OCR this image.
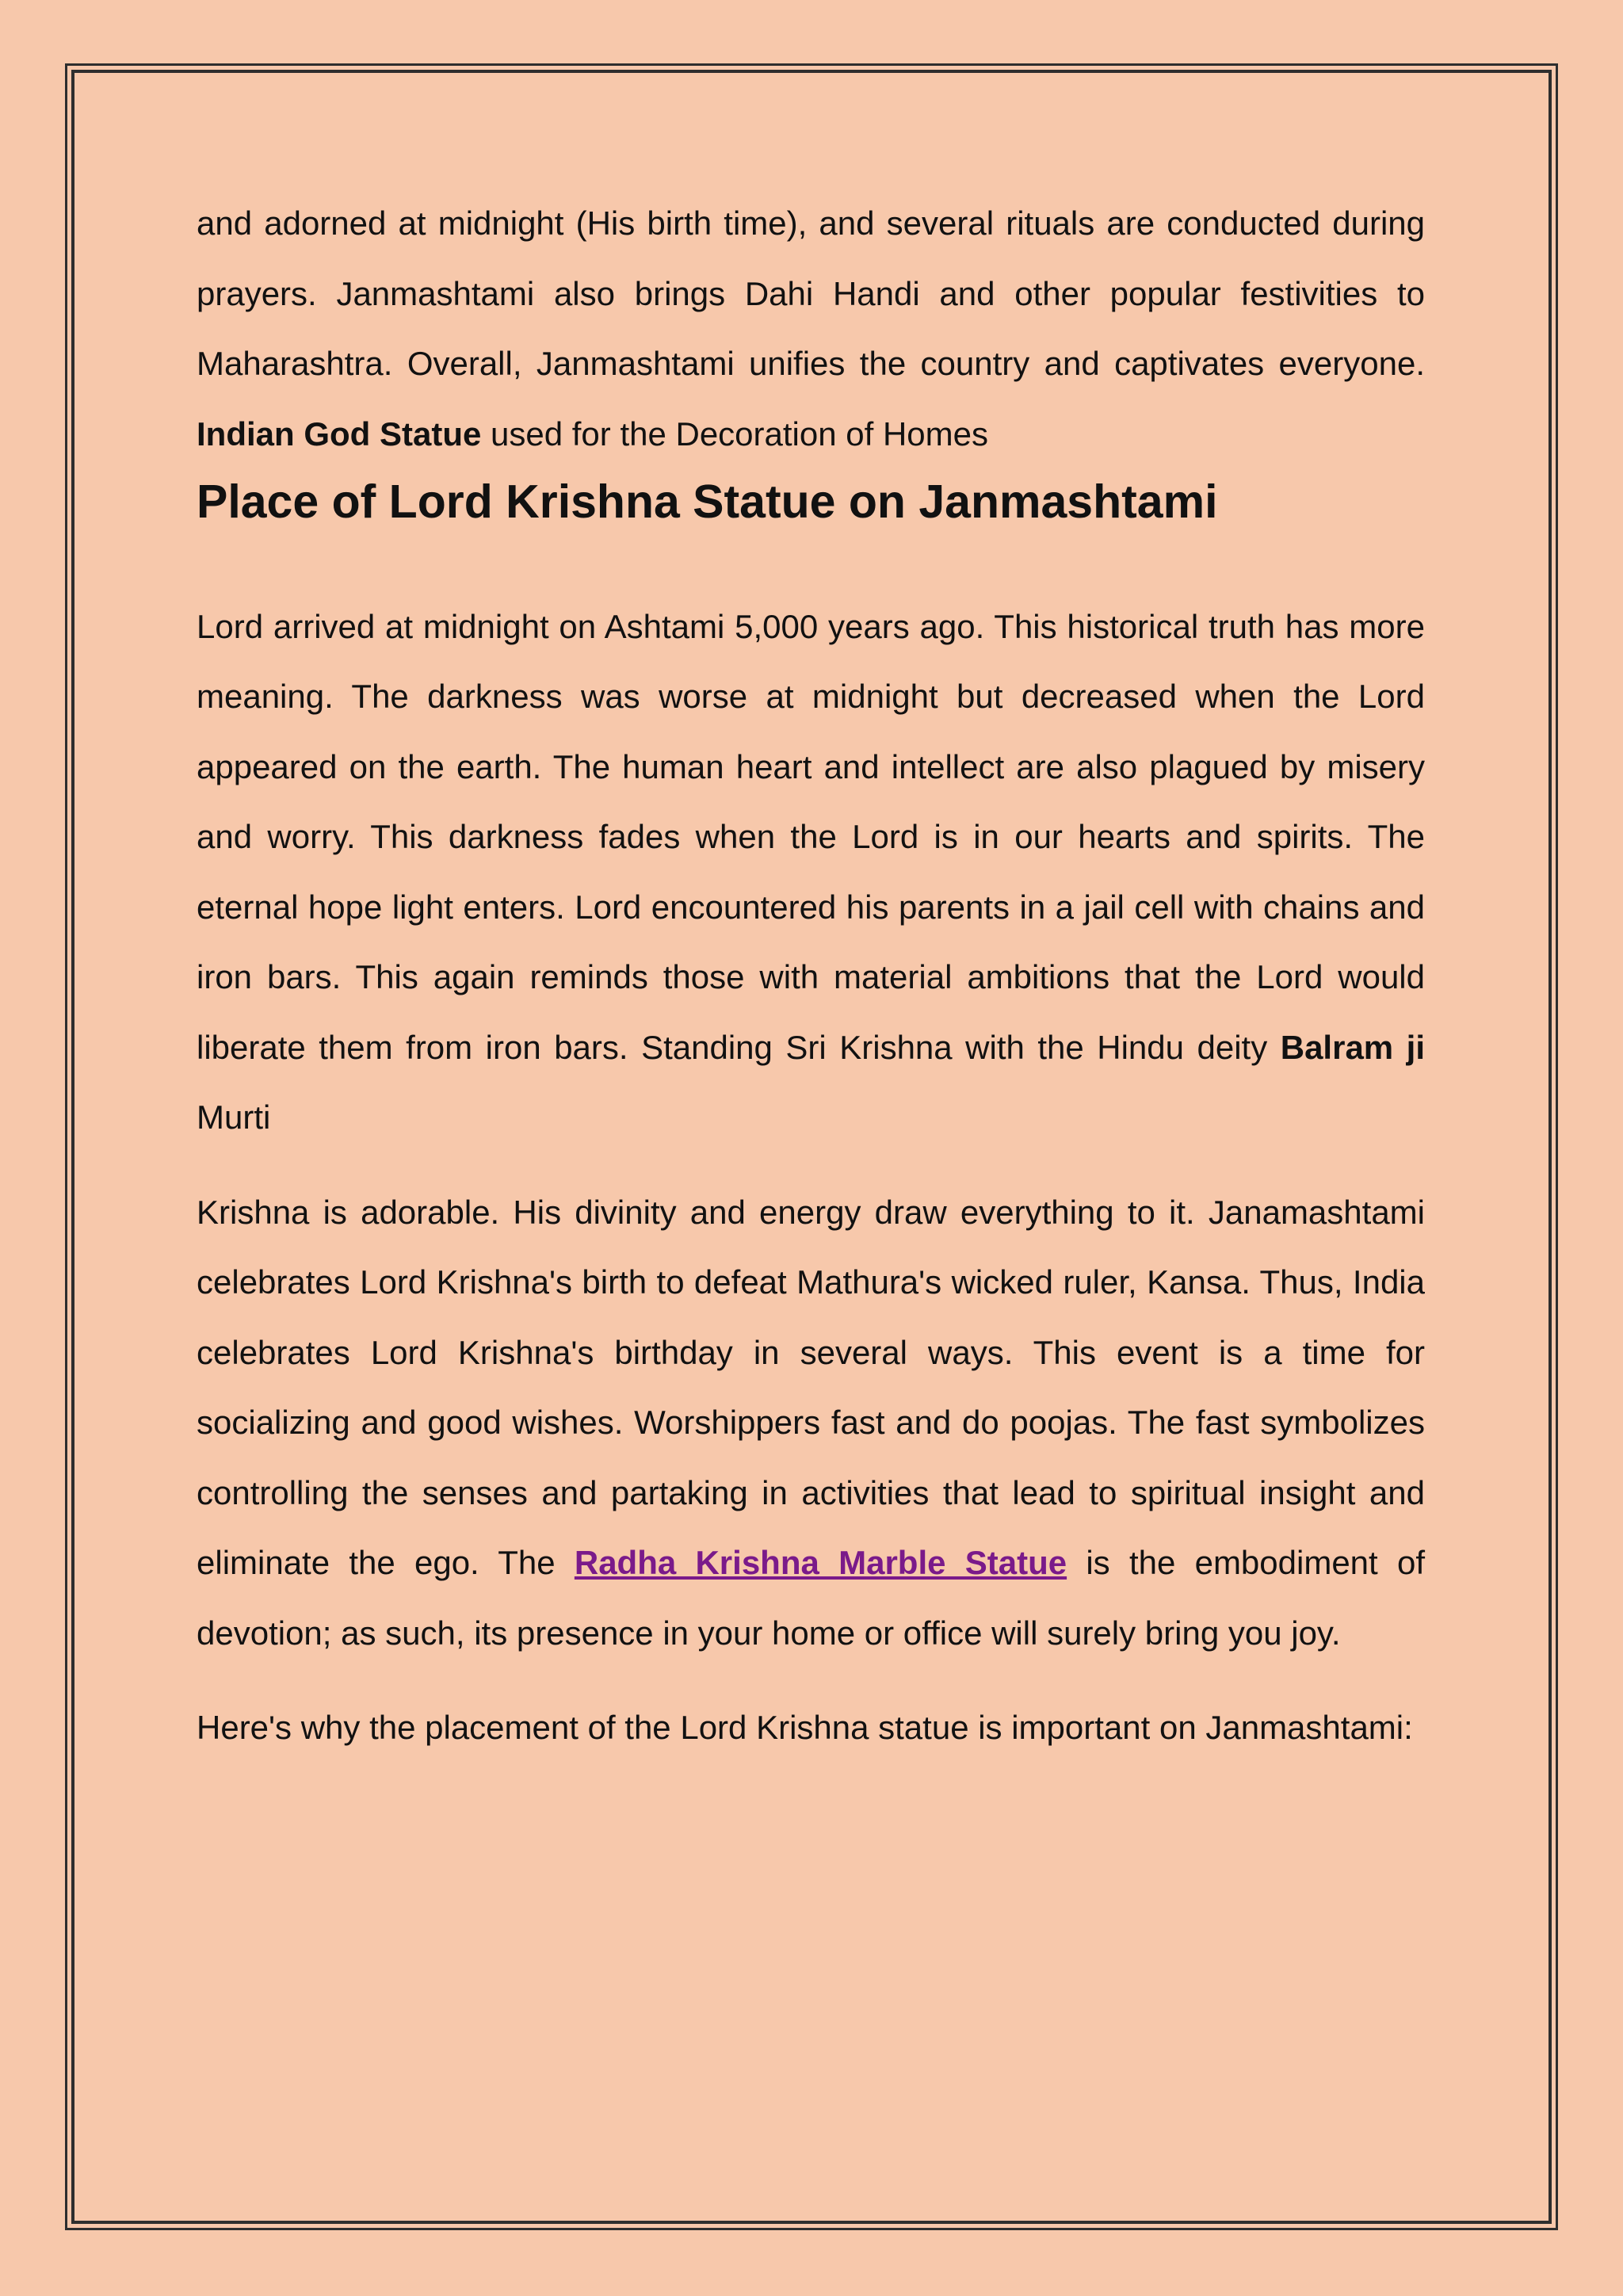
and adorned at midnight (His birth time), and several rituals are conducted during prayers. Janmashtami also brings Dahi Handi and other popular festivities to Maharashtra. Overall, Janmashtami unifies the country and captivates everyone. Indian God Statue used for the Decoration of Homes

Place of Lord Krishna Statue on Janmashtami

Lord arrived at midnight on Ashtami 5,000 years ago. This historical truth has more meaning. The darkness was worse at midnight but decreased when the Lord appeared on the earth. The human heart and intellect are also plagued by misery and worry. This darkness fades when the Lord is in our hearts and spirits. The eternal hope light enters. Lord encountered his parents in a jail cell with chains and iron bars. This again reminds those with material ambitions that the Lord would liberate them from iron bars. Standing Sri Krishna with the Hindu deity Balram ji Murti

Krishna is adorable. His divinity and energy draw everything to it. Janamashtami celebrates Lord Krishna's birth to defeat Mathura's wicked ruler, Kansa. Thus, India celebrates Lord Krishna's birthday in several ways. This event is a time for socializing and good wishes. Worshippers fast and do poojas. The fast symbolizes controlling the senses and partaking in activities that lead to spiritual insight and eliminate the ego. The Radha Krishna Marble Statue is the embodiment of devotion; as such, its presence in your home or office will surely bring you joy.

Here's why the placement of the Lord Krishna statue is important on Janmashtami:
